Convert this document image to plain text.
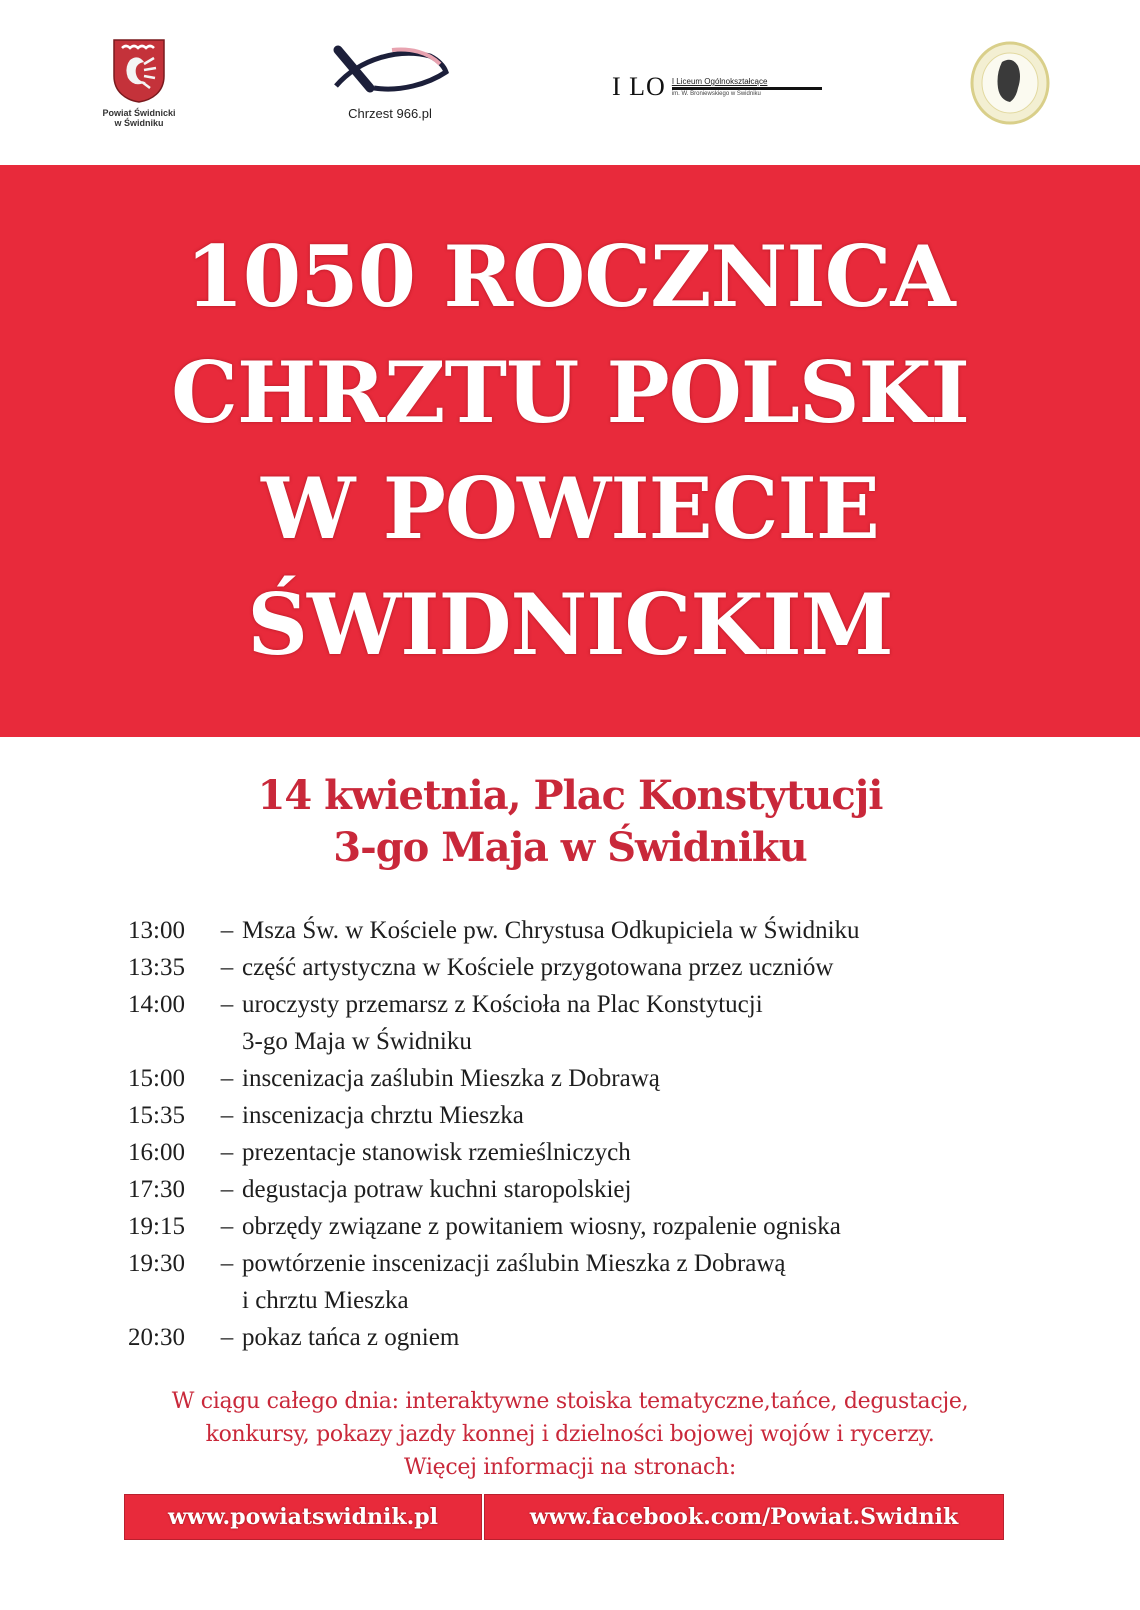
Powiat Świdnicki
w Świdniku
Chrzest 966.pl
I LO I Liceum Ogólnokształcące
im. W. Broniewskiego w Świdniku
1050 ROCZNICA
CHRZTU POLSKI
W POWIECIE
ŚWIDNICKIM
14 kwietnia, Plac Konstytucji
3-go Maja w Świdniku
13:00	– Msza Św. w Kościele pw. Chrystusa Odkupiciela w Świdniku
13:35	– część artystyczna w Kościele przygotowana przez uczniów
14:00	– uroczysty przemarsz z Kościoła na Plac Konstytucji
3-go Maja w Świdniku
15:00	– inscenizacja zaślubin Mieszka z Dobrawą
15:35	– inscenizacja chrztu Mieszka
16:00	– prezentacje stanowisk rzemieślniczych
17:30	– degustacja potraw kuchni staropolskiej
19:15	– obrzędy związane z powitaniem wiosny, rozpalenie ogniska
19:30	– powtórzenie inscenizacji zaślubin Mieszka z Dobrawą
i chrztu Mieszka
20:30	– pokaz tańca z ogniem
W ciągu całego dnia: interaktywne stoiska tematyczne,tańce, degustacje,
konkursy, pokazy jazdy konnej i dzielności bojowej wojów i rycerzy.
Więcej informacji na stronach:
www.powiatswidnik.pl	www.facebook.com/Powiat.Swidnik
